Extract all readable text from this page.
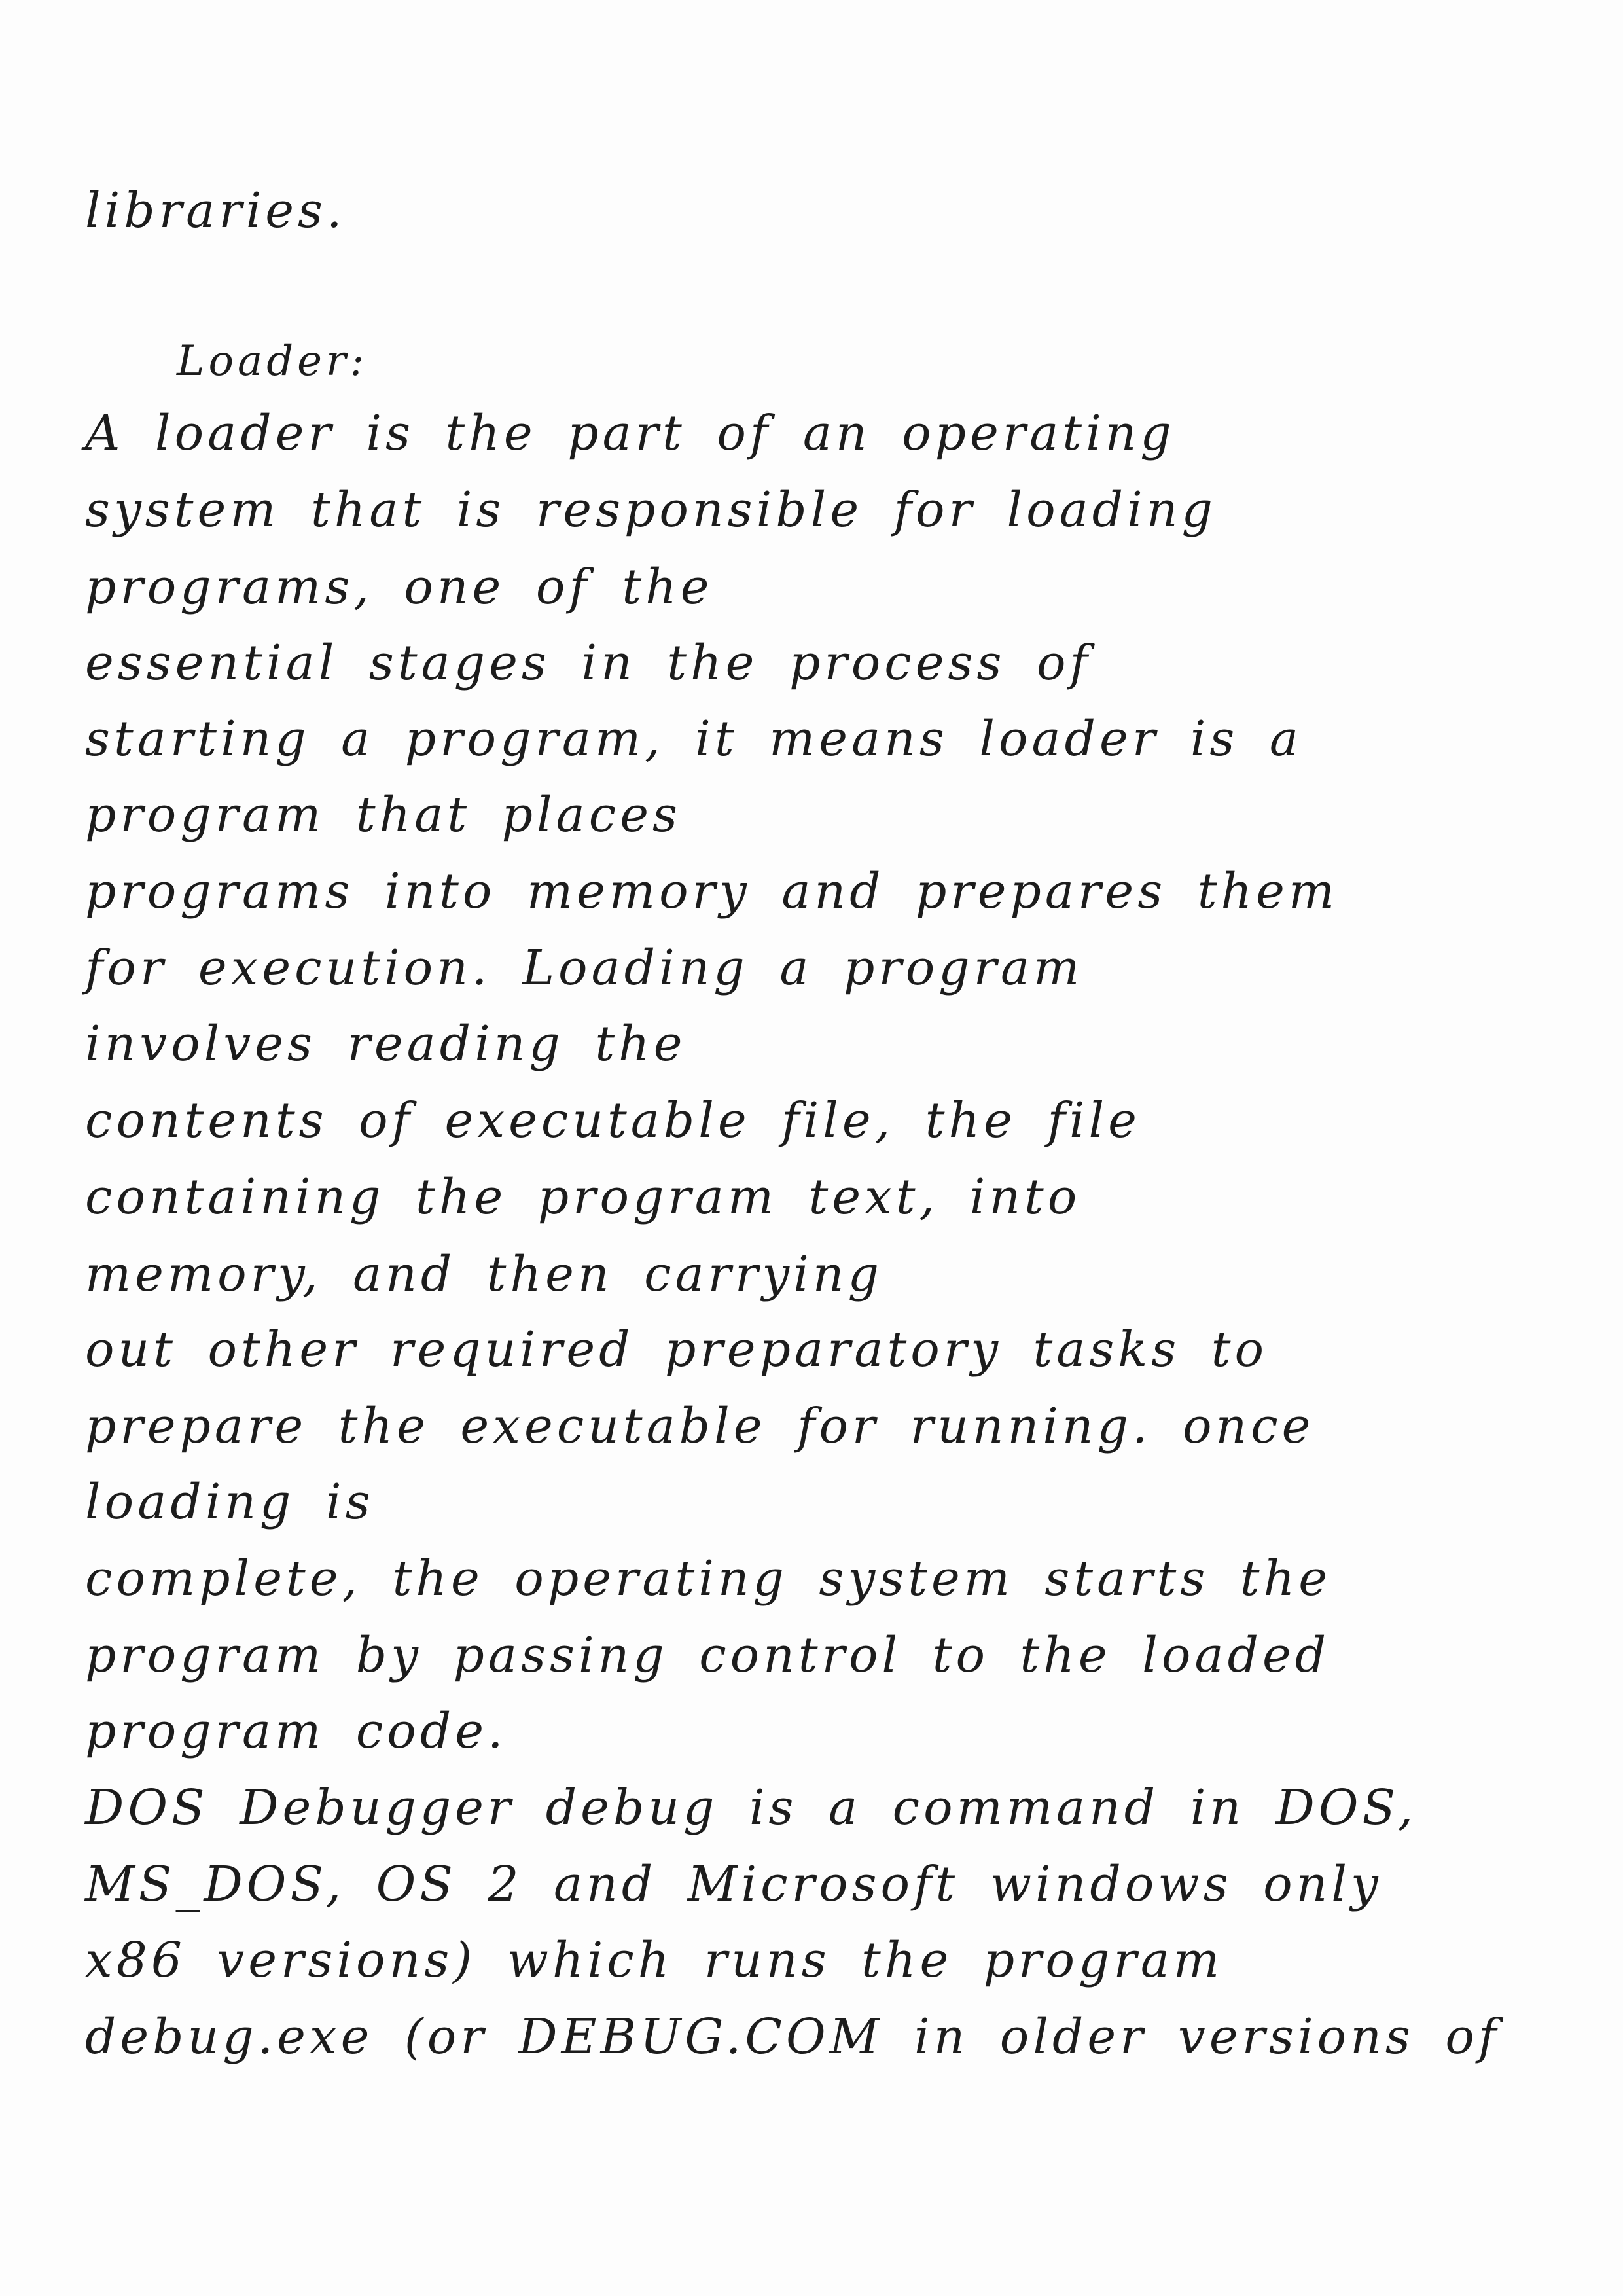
libraries.
Loader:
A loader is the part of an operating
system that is responsible for loading
programs, one of the
essential stages in the process of
starting a program, it means loader is a
program that places
programs into memory and prepares them
for execution. Loading a program
involves reading the
contents of executable file, the file
containing the program text, into
memory, and then carrying
out other required preparatory tasks to
prepare the executable for running. once
loading is
complete, the operating system starts the
program by passing control to the loaded
program code.
DOS Debugger debug is a command in DOS,
MS_DOS, OS 2 and Microsoft windows only
x86 versions) which runs the program
debug.exe (or DEBUG.COM in older versions of
